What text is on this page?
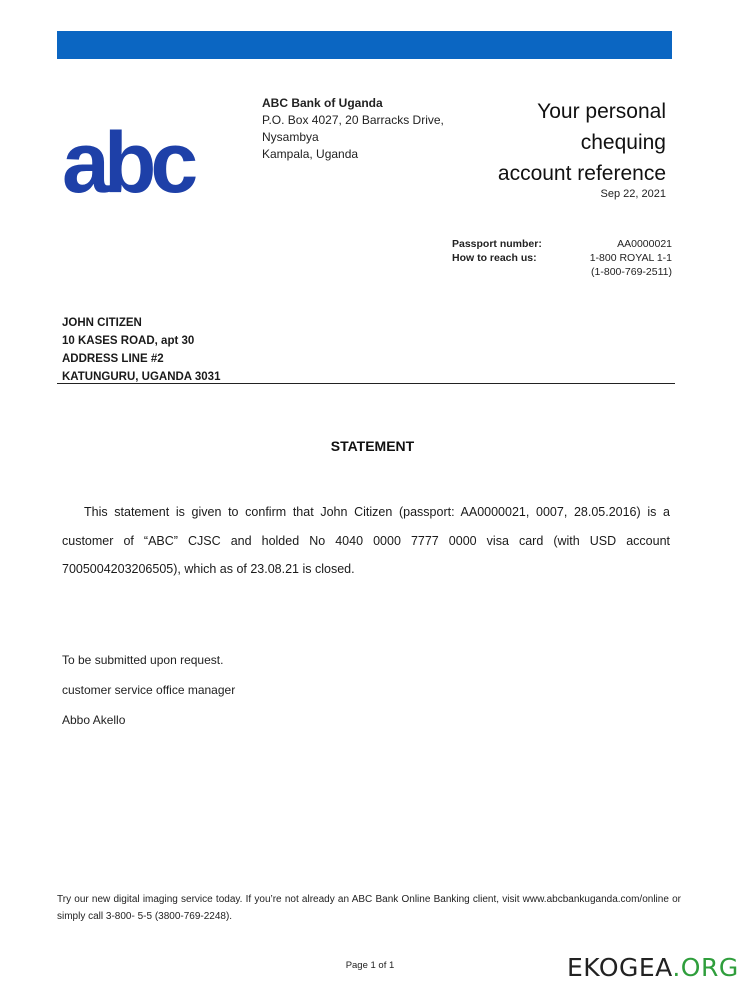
abc
ABC Bank of Uganda
P.O. Box 4027, 20 Barracks Drive,
Nysambya
Kampala, Uganda
Your personal
chequing
account reference
Sep 22, 2021
Passport number:	AA0000021
How to reach us:	1-800 ROYAL 1-1
(1-800-769-2511)
JOHN CITIZEN
10 KASES ROAD, apt 30
ADDRESS LINE #2
KATUNGURU, UGANDA 3031
STATEMENT
This statement is given to confirm that John Citizen (passport: AA0000021, 0007, 28.05.2016) is a customer of “ABC” CJSC and holded No 4040 0000 7777 0000 visa card (with USD account 7005004203206505), which as of 23.08.21 is closed.
To be submitted upon request.
customer service office manager
Abbo Akello
Try our new digital imaging service today. If you’re not already an ABC Bank Online Banking client, visit www.abcbankuganda.com/online or simply call 3-800- 5-5 (3800-769-2248).
Page 1 of 1	EKOGEA.ORG
